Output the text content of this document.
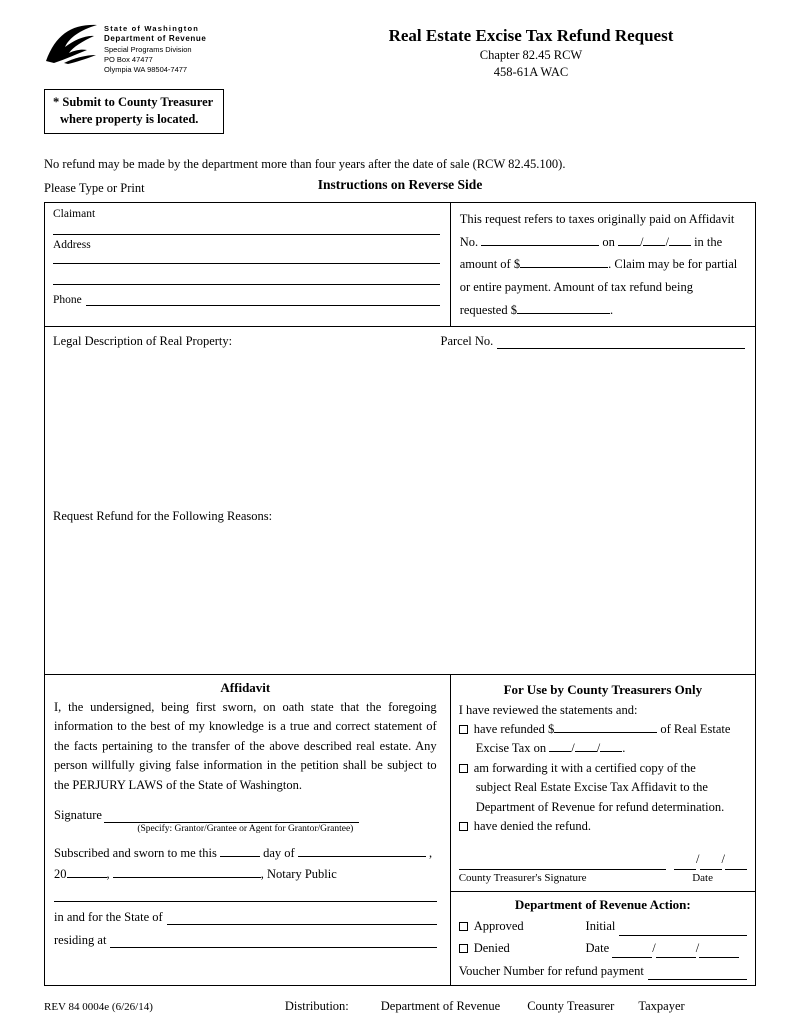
State of Washington
Department of Revenue
Special Programs Division
PO Box 47477
Olympia WA 98504-7477
Real Estate Excise Tax Refund Request
Chapter 82.45 RCW
458-61A WAC
* Submit to County Treasurer
where property is located.
No refund may be made by the department more than four years after the date of sale (RCW 82.45.100).
Please Type or Print	Instructions on Reverse Side
Claimant
Address
Phone
This request refers to taxes originally paid on Affidavit
No.	on / / in the
amount of $	. Claim may be for partial
or entire payment. Amount of tax refund being
requested $	.
Legal Description of Real Property:	Parcel No.
Request Refund for the Following Reasons:
Affidavit
I, the undersigned, being first sworn, on oath state that the foregoing information to the best of my knowledge is a true and correct statement of the facts pertaining to the transfer of the above described real estate. Any person willfully giving false information in the petition shall be subject to the PERJURY LAWS of the State of Washington.
Signature
(Specify: Grantor/Grantee or Agent for Grantor/Grantee)
Subscribed and sworn to me this	day of	,
20	,	, Notary Public
in and for the State of
residing at
For Use by County Treasurers Only
I have reviewed the statements and:
have refunded $	of Real Estate
Excise Tax on / / .
am forwarding it with a certified copy of the
subject Real Estate Excise Tax Affidavit to the
Department of Revenue for refund determination.
have denied the refund.
/ /
County Treasurer's Signature	Date
Department of Revenue Action:
Approved	Initial
Denied	Date
	/	/
Voucher Number for refund payment
REV 84 0004e (6/26/14)	Distribution:	Department of Revenue County Treasurer Taxpayer
